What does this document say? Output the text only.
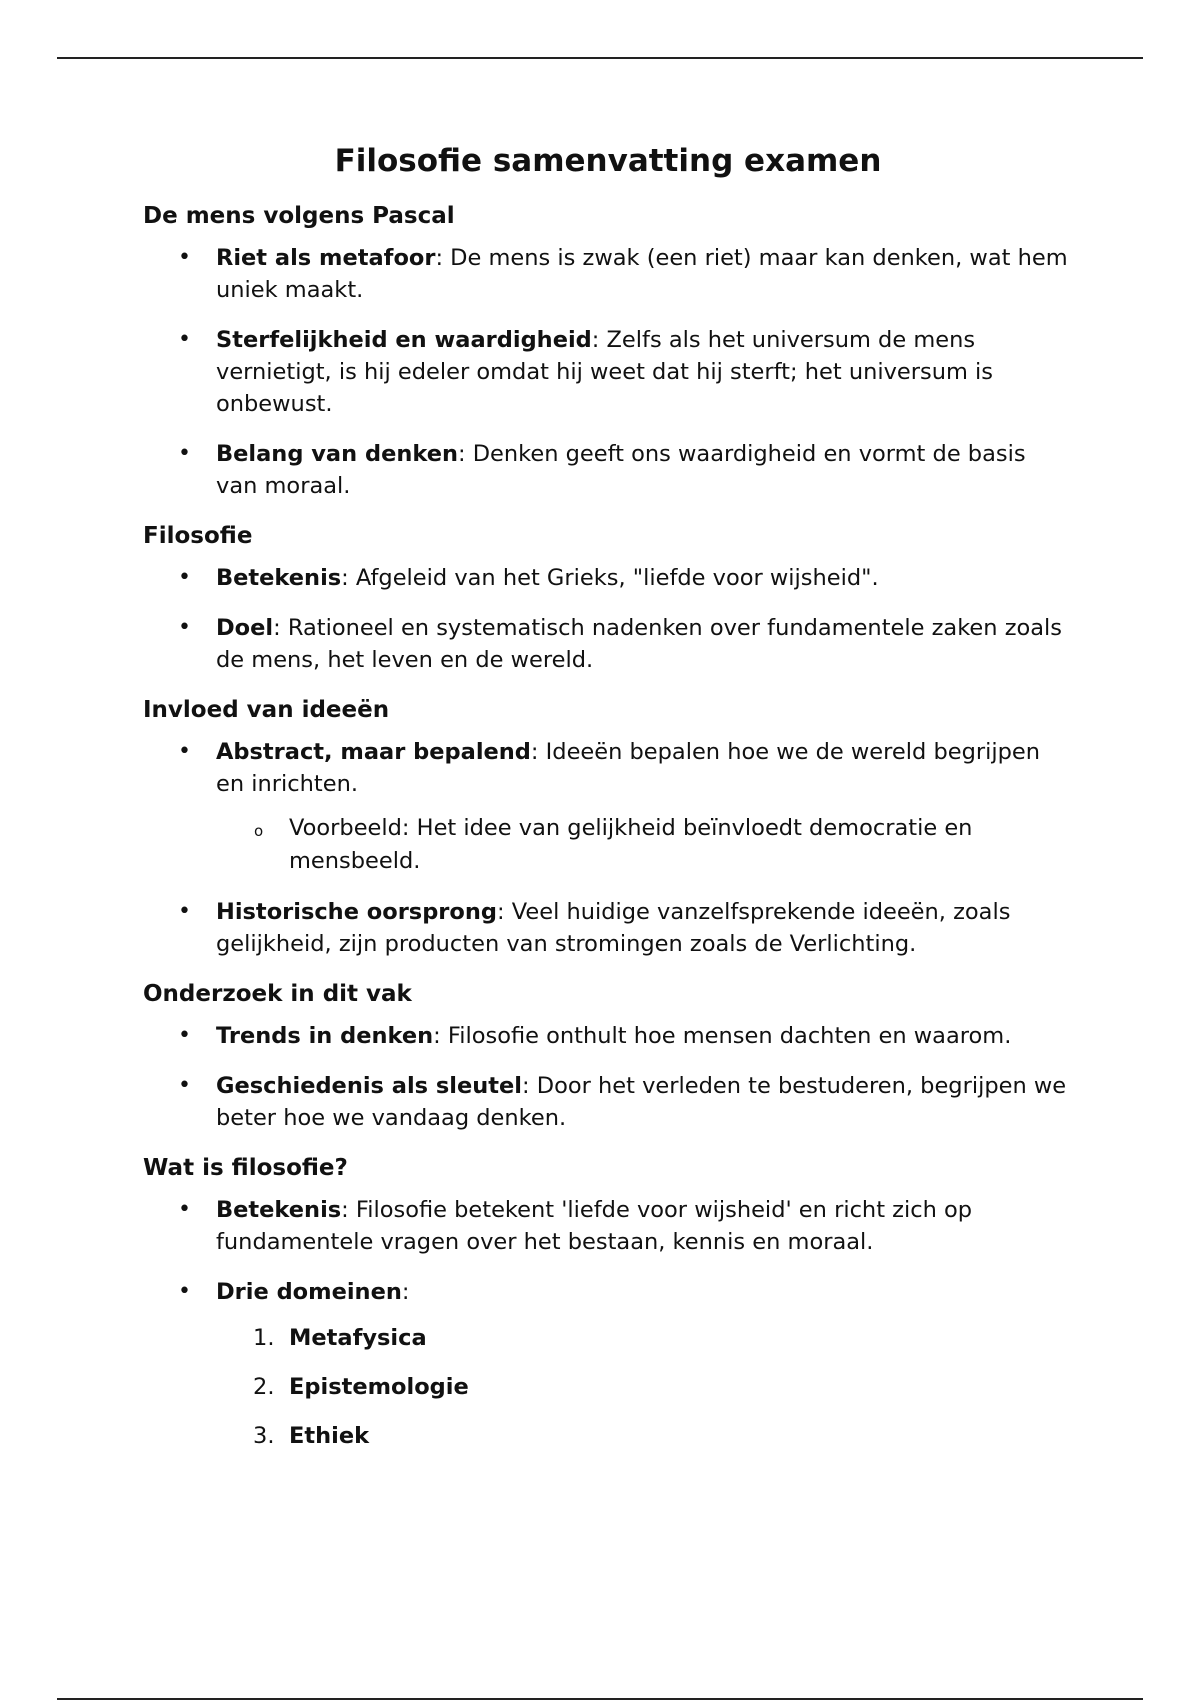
Filosofie samenvatting examen
De mens volgens Pascal
• Riet als metafoor: De mens is zwak (een riet) maar kan denken, wat hem uniek maakt.
• Sterfelijkheid en waardigheid: Zelfs als het universum de mens vernietigt, is hij edeler omdat hij weet dat hij sterft; het universum is onbewust.
• Belang van denken: Denken geeft ons waardigheid en vormt de basis van moraal.
Filosofie
• Betekenis: Afgeleid van het Grieks, "liefde voor wijsheid".
• Doel: Rationeel en systematisch nadenken over fundamentele zaken zoals de mens, het leven en de wereld.
Invloed van ideeën
• Abstract, maar bepalend: Ideeën bepalen hoe we de wereld begrijpen en inrichten.
o Voorbeeld: Het idee van gelijkheid beïnvloedt democratie en mensbeeld.
• Historische oorsprong: Veel huidige vanzelfsprekende ideeën, zoals gelijkheid, zijn producten van stromingen zoals de Verlichting.
Onderzoek in dit vak
• Trends in denken: Filosofie onthult hoe mensen dachten en waarom.
• Geschiedenis als sleutel: Door het verleden te bestuderen, begrijpen we beter hoe we vandaag denken.
Wat is filosofie?
• Betekenis: Filosofie betekent 'liefde voor wijsheid' en richt zich op fundamentele vragen over het bestaan, kennis en moraal.
• Drie domeinen:
1. Metafysica
2. Epistemologie
3. Ethiek
